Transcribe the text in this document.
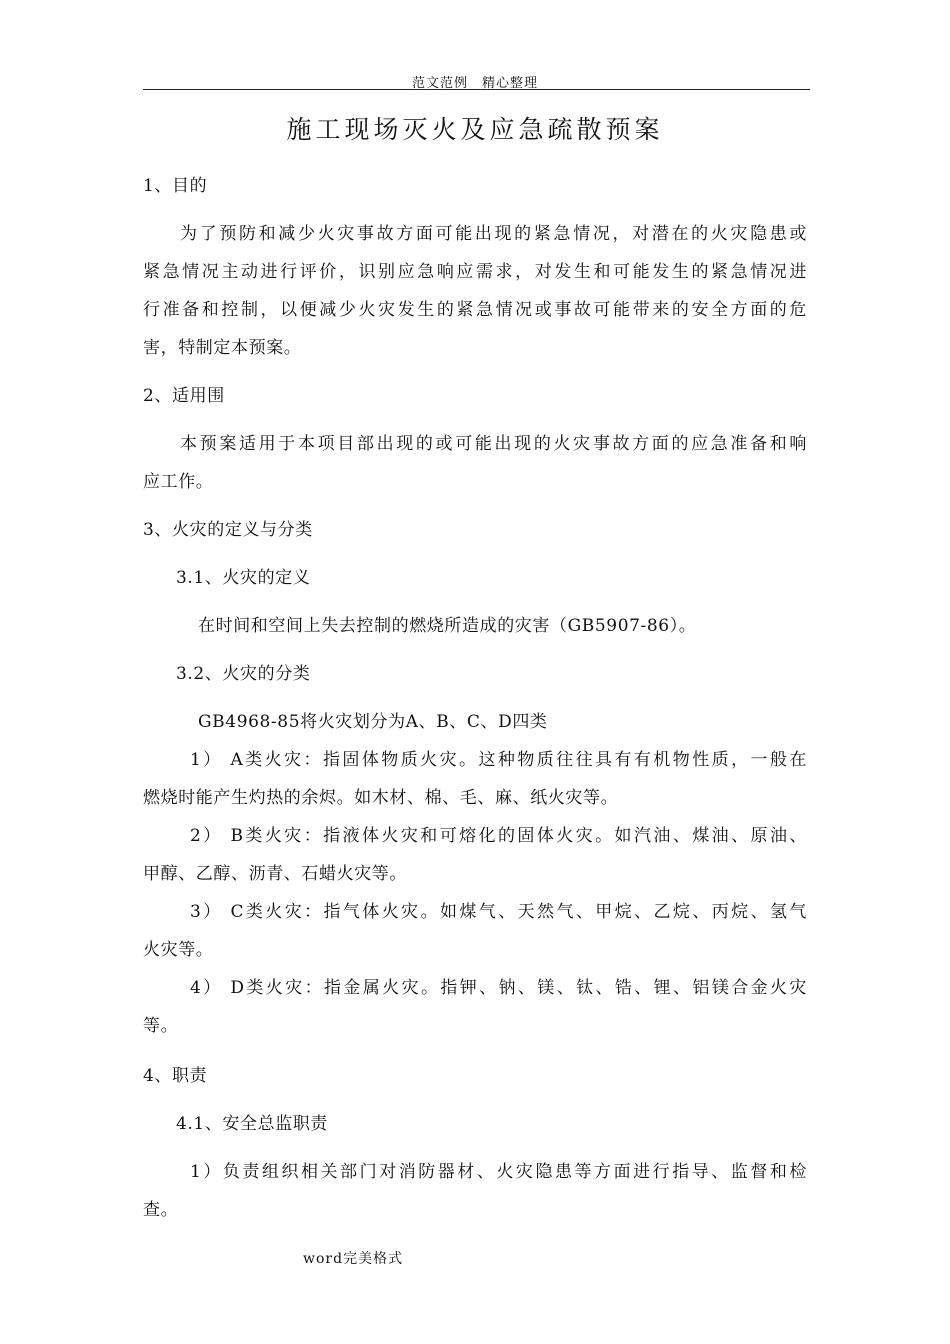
范文范例　精心整理
施工现场灭火及应急疏散预案
1、目的
为了预防和减少火灾事故方面可能出现的紧急情况，对潜在的火灾隐患或
紧急情况主动进行评价，识别应急响应需求，对发生和可能发生的紧急情况进
行准备和控制，以便减少火灾发生的紧急情况或事故可能带来的安全方面的危
害，特制定本预案。
2、适用围
本预案适用于本项目部出现的或可能出现的火灾事故方面的应急准备和响
应工作。
3、火灾的定义与分类
3.1、火灾的定义
在时间和空间上失去控制的燃烧所造成的灾害（GB5907-86）。
3.2、火灾的分类
GB4968-85将火灾划分为A、B、C、D四类
1） A类火灾：指固体物质火灾。这种物质往往具有有机物性质，一般在
燃烧时能产生灼热的余烬。如木材、棉、毛、麻、纸火灾等。
2） B类火灾：指液体火灾和可熔化的固体火灾。如汽油、煤油、原油、
甲醇、乙醇、沥青、石蜡火灾等。
3） C类火灾：指气体火灾。如煤气、天然气、甲烷、乙烷、丙烷、氢气
火灾等。
4） D类火灾：指金属火灾。指钾、钠、镁、钛、锆、锂、铝镁合金火灾
等。
4、职责
4.1、安全总监职责
1）负责组织相关部门对消防器材、火灾隐患等方面进行指导、监督和检
查。
word完美格式
